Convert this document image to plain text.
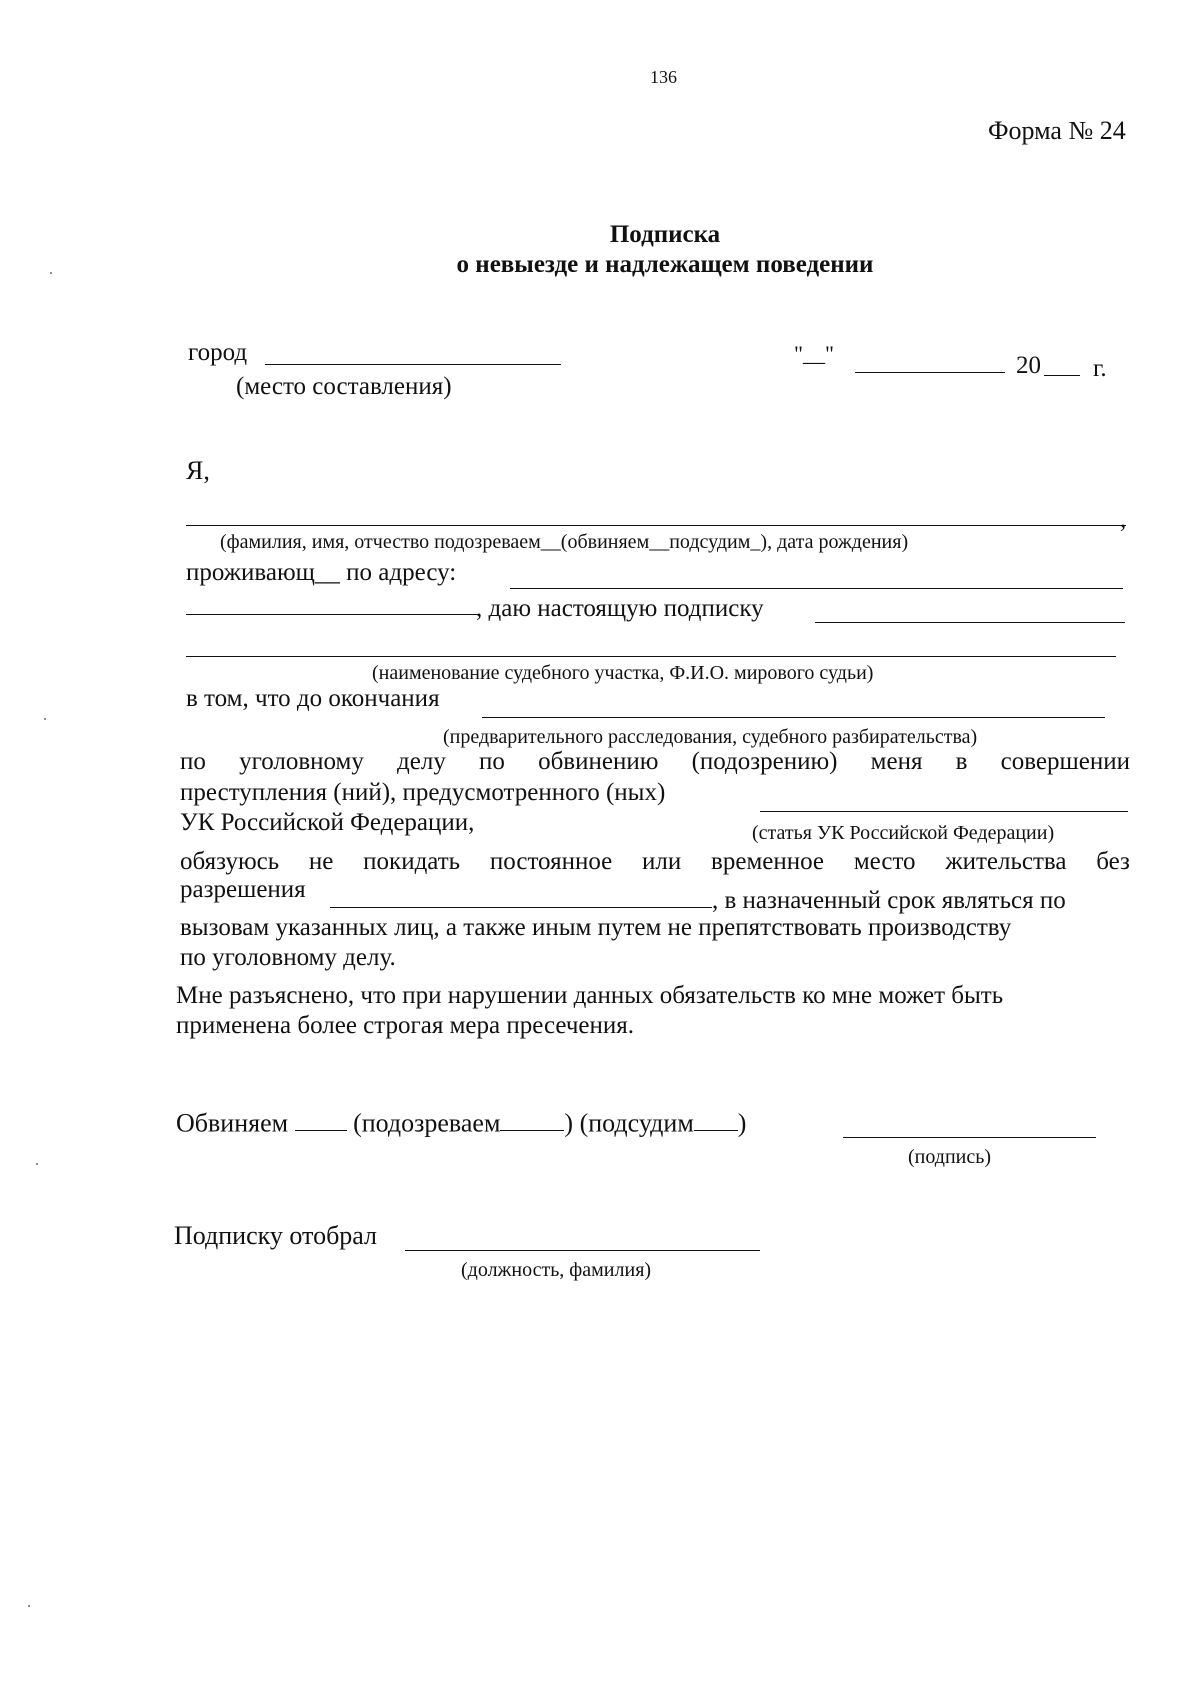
136
Форма № 24
Подписка
о невыезде и надлежащем поведении
город
(место составления)
"__"	20 г.
Я,
,
(фамилия, имя, отчество подозреваем__(обвиняем__подсудим_), дата рождения)
проживающ__ по адресу:
, даю настоящую подписку
(наименование судебного участка, Ф.И.О. мирового судьи)
в том, что до окончания
(предварительного расследования, судебного разбирательства)
по уголовному делу по обвинению (подозрению) меня в совершении
преступления (ний), предусмотренного (ных)
УК Российской Федерации,	(статья УК Российской Федерации)
обязуюсь не покидать постоянное или временное место жительства без
разрешения	, в назначенный срок являться по
вызовам указанных лиц, а также иным путем не препятствовать производству
по уголовному делу.
Мне разъяснено, что при нарушении данных обязательств ко мне может быть
применена более строгая мера пресечения.
Обвиняем	(подозреваем ) (подсудим )
(подпись)
Подписку отобрал
(должность, фамилия)
